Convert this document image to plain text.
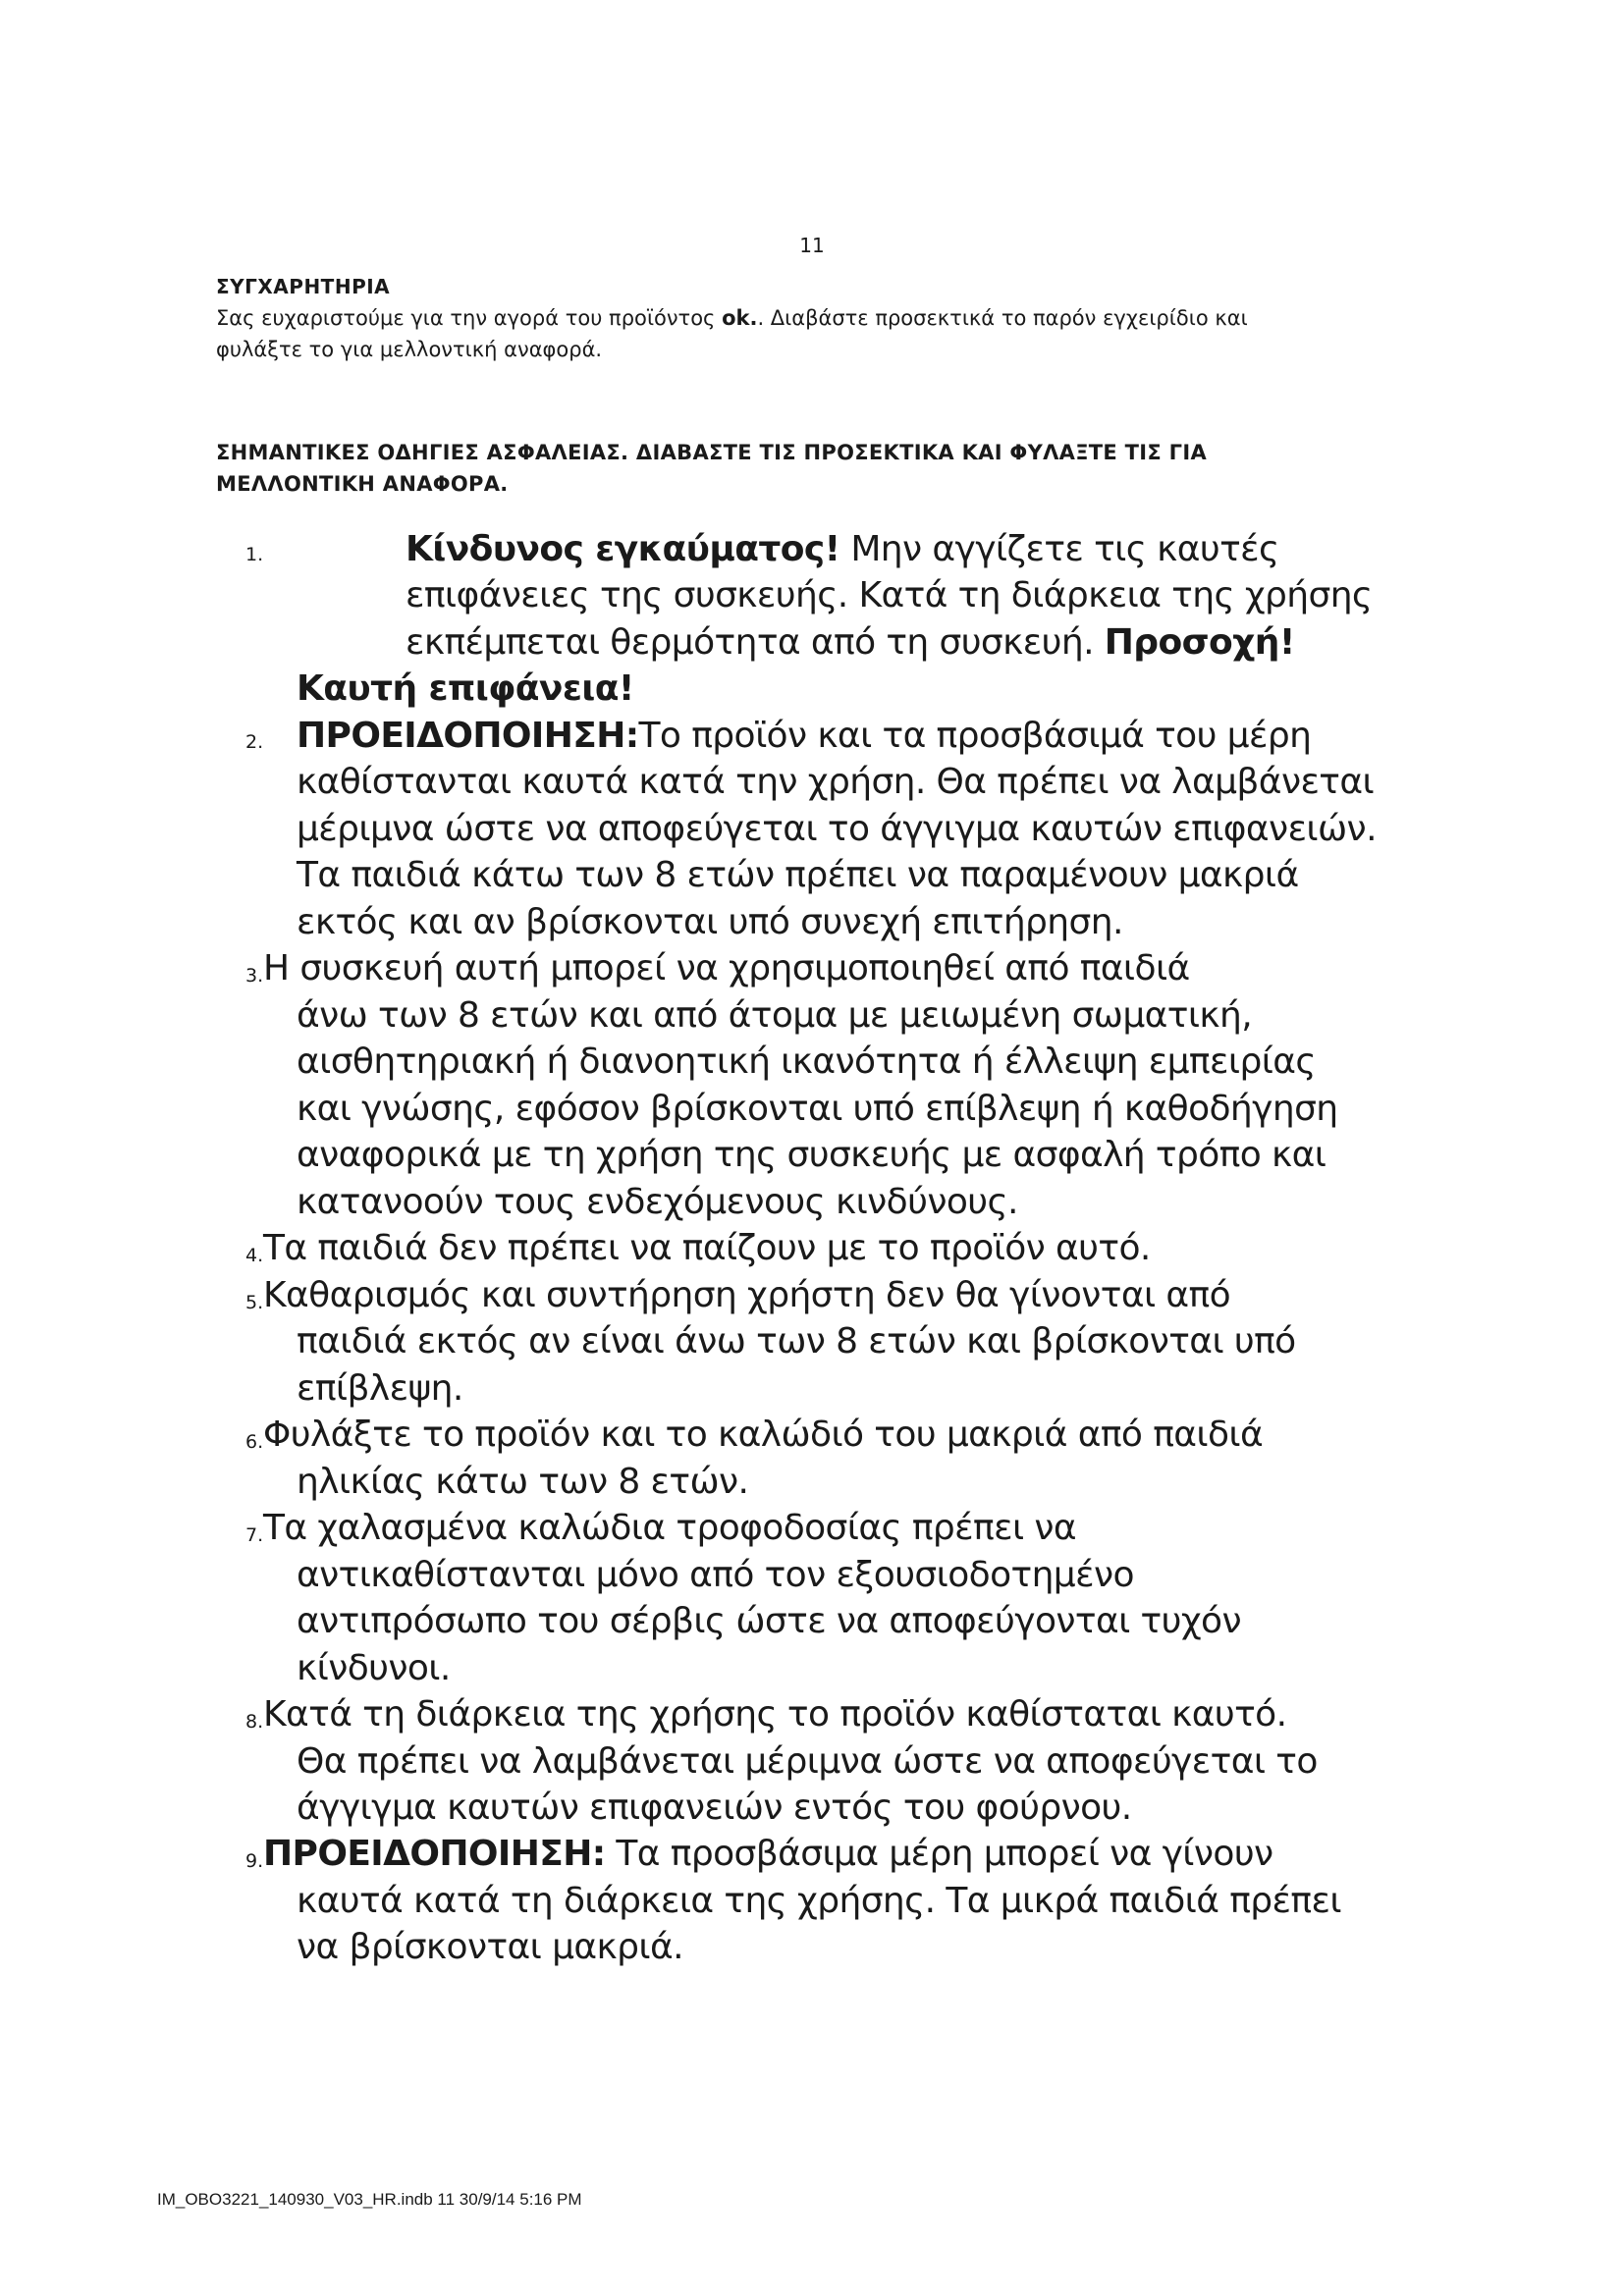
11
ΣΥΓΧΑΡΗΤΗΡΙΑ

Σας ευχαριστούμε για την αγορά του προϊόντος ok.. Διαβάστε προσεκτικά το παρόν εγχειρίδιο και
φυλάξτε το για μελλοντική αναφορά.

ΣΗΜΑΝΤΙΚΕΣ ΟΔΗΓΙΕΣ ΑΣΦΑΛΕΙΑΣ. ΔΙΑΒΑΣΤΕ ΤΙΣ ΠΡΟΣΕΚΤΙΚΑ ΚΑΙ ΦΥΛΑΞΤΕ ΤΙΣ ΓΙΑ
ΜΕΛΛΟΝΤΙΚΗ ΑΝΑΦΟΡΑ.
1.	Κίνδυνος εγκαύματος! Μην αγγίζετε τις καυτές
επιφάνειες της συσκευής. Κατά τη διάρκεια της χρήσης
εκπέμπεται θερμότητα από τη συσκευή. Προσοχή!
Καυτή επιφάνεια!
2. ΠΡΟΕΙΔΟΠΟΙΗΣΗ:Το προϊόν και τα προσβάσιμά του μέρη
καθίστανται καυτά κατά την χρήση. Θα πρέπει να λαμβάνεται
μέριμνα ώστε να αποφεύγεται το άγγιγμα καυτών επιφανειών.
Τα παιδιά κάτω των 8 ετών πρέπει να παραμένουν μακριά
εκτός και αν βρίσκονται υπό συνεχή επιτήρηση.
3. Η συσκευή αυτή μπορεί να χρησιμοποιηθεί από παιδιά
άνω των 8 ετών και από άτομα με μειωμένη σωματική,
αισθητηριακή ή διανοητική ικανότητα ή έλλειψη εμπειρίας
και γνώσης, εφόσον βρίσκονται υπό επίβλεψη ή καθοδήγηση
αναφορικά με τη χρήση της συσκευής με ασφαλή τρόπο και
κατανοούν τους ενδεχόμενους κινδύνους.
4. Τα παιδιά δεν πρέπει να παίζουν με το προϊόν αυτό.
5. Καθαρισμός και συντήρηση χρήστη δεν θα γίνονται από
παιδιά εκτός αν είναι άνω των 8 ετών και βρίσκονται υπό
επίβλεψη.
6. Φυλάξτε το προϊόν και το καλώδιό του μακριά από παιδιά
ηλικίας κάτω των 8 ετών.
7. Τα χαλασμένα καλώδια τροφοδοσίας πρέπει να
αντικαθίστανται μόνο από τον εξουσιοδοτημένο
αντιπρόσωπο του σέρβις ώστε να αποφεύγονται τυχόν
κίνδυνοι.
8. Κατά τη διάρκεια της χρήσης το προϊόν καθίσταται καυτό.
Θα πρέπει να λαμβάνεται μέριμνα ώστε να αποφεύγεται το
άγγιγμα καυτών επιφανειών εντός του φούρνου.
9. ΠΡΟΕΙΔΟΠΟΙΗΣΗ: Τα προσβάσιμα μέρη μπορεί να γίνουν
καυτά κατά τη διάρκεια της χρήσης. Τα μικρά παιδιά πρέπει
να βρίσκονται μακριά.
IM_OBO3221_140930_V03_HR.indb 11 30/9/14 5:16 PM
